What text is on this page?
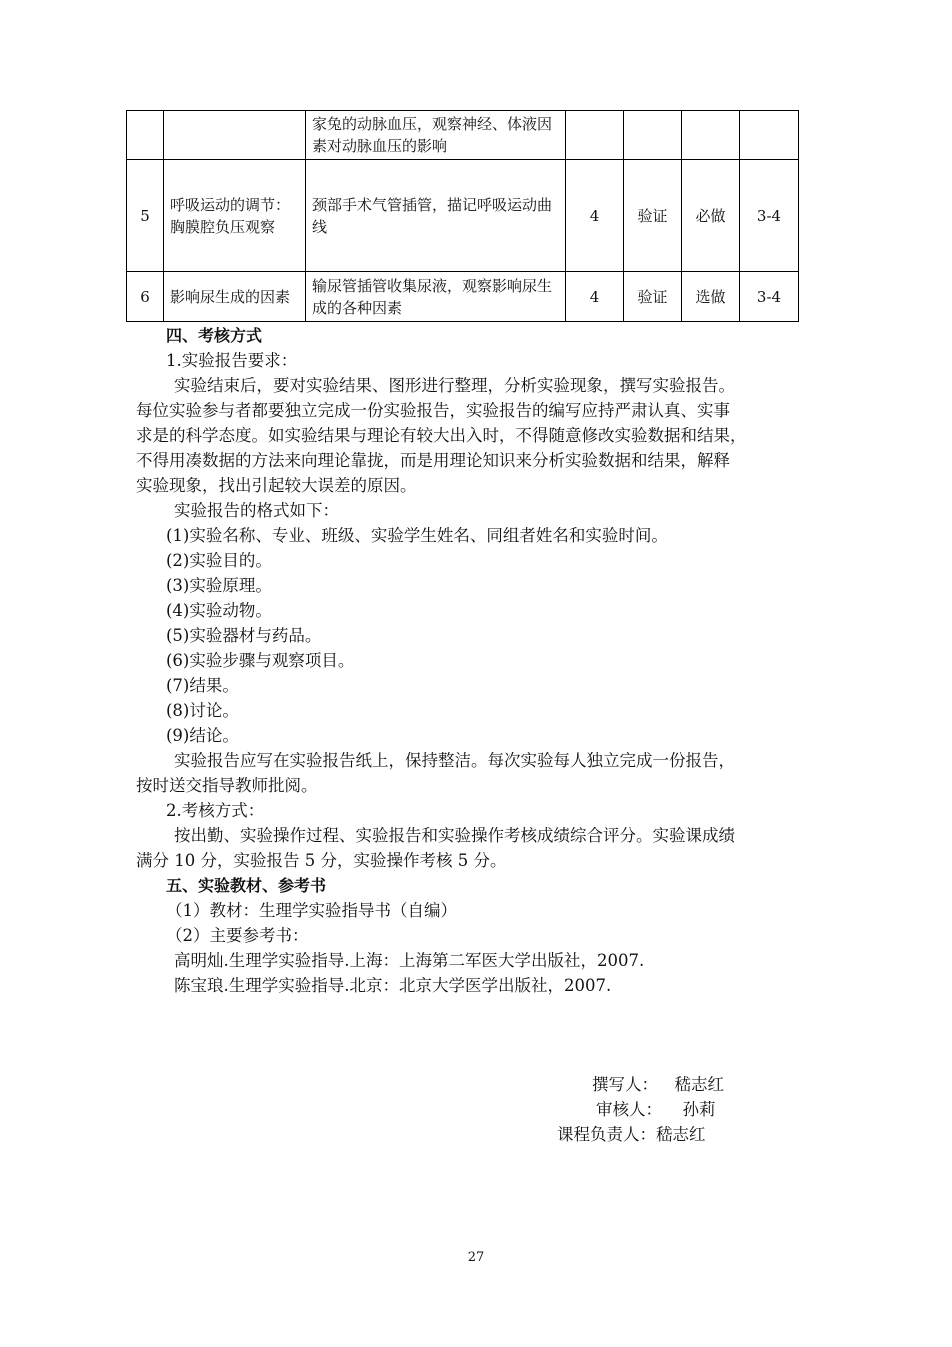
		家兔的动脉血压，观察神经、体液因素对动脉血压的影响				
5	呼吸运动的调节：胸膜腔负压观察	颈部手术气管插管，描记呼吸运动曲线	4	验证	必做	3-4
6	影响尿生成的因素	输尿管插管收集尿液，观察影响尿生成的各种因素	4	验证	选做	3-4
四、考核方式
1.实验报告要求：
实验结束后，要对实验结果、图形进行整理，分析实验现象，撰写实验报告。
每位实验参与者都要独立完成一份实验报告，实验报告的编写应持严肃认真、实事
求是的科学态度。如实验结果与理论有较大出入时，不得随意修改实验数据和结果，
不得用凑数据的方法来向理论靠拢，而是用理论知识来分析实验数据和结果，解释
实验现象，找出引起较大误差的原因。
实验报告的格式如下：
(1)实验名称、专业、班级、实验学生姓名、同组者姓名和实验时间。
(2)实验目的。
(3)实验原理。
(4)实验动物。
(5)实验器材与药品。
(6)实验步骤与观察项目。
(7)结果。
(8)讨论。
(9)结论。
实验报告应写在实验报告纸上，保持整洁。每次实验每人独立完成一份报告，
按时送交指导教师批阅。
2.考核方式：
按出勤、实验操作过程、实验报告和实验操作考核成绩综合评分。实验课成绩
满分 10 分，实验报告 5 分，实验操作考核 5 分。
五、实验教材、参考书
（1）教材：生理学实验指导书（自编）
（2）主要参考书：
高明灿.生理学实验指导.上海：上海第二军医大学出版社，2007.
陈宝琅.生理学实验指导.北京：北京大学医学出版社，2007.
撰写人： 嵇志红
审核人： 孙莉
课程负责人：嵇志红
27
